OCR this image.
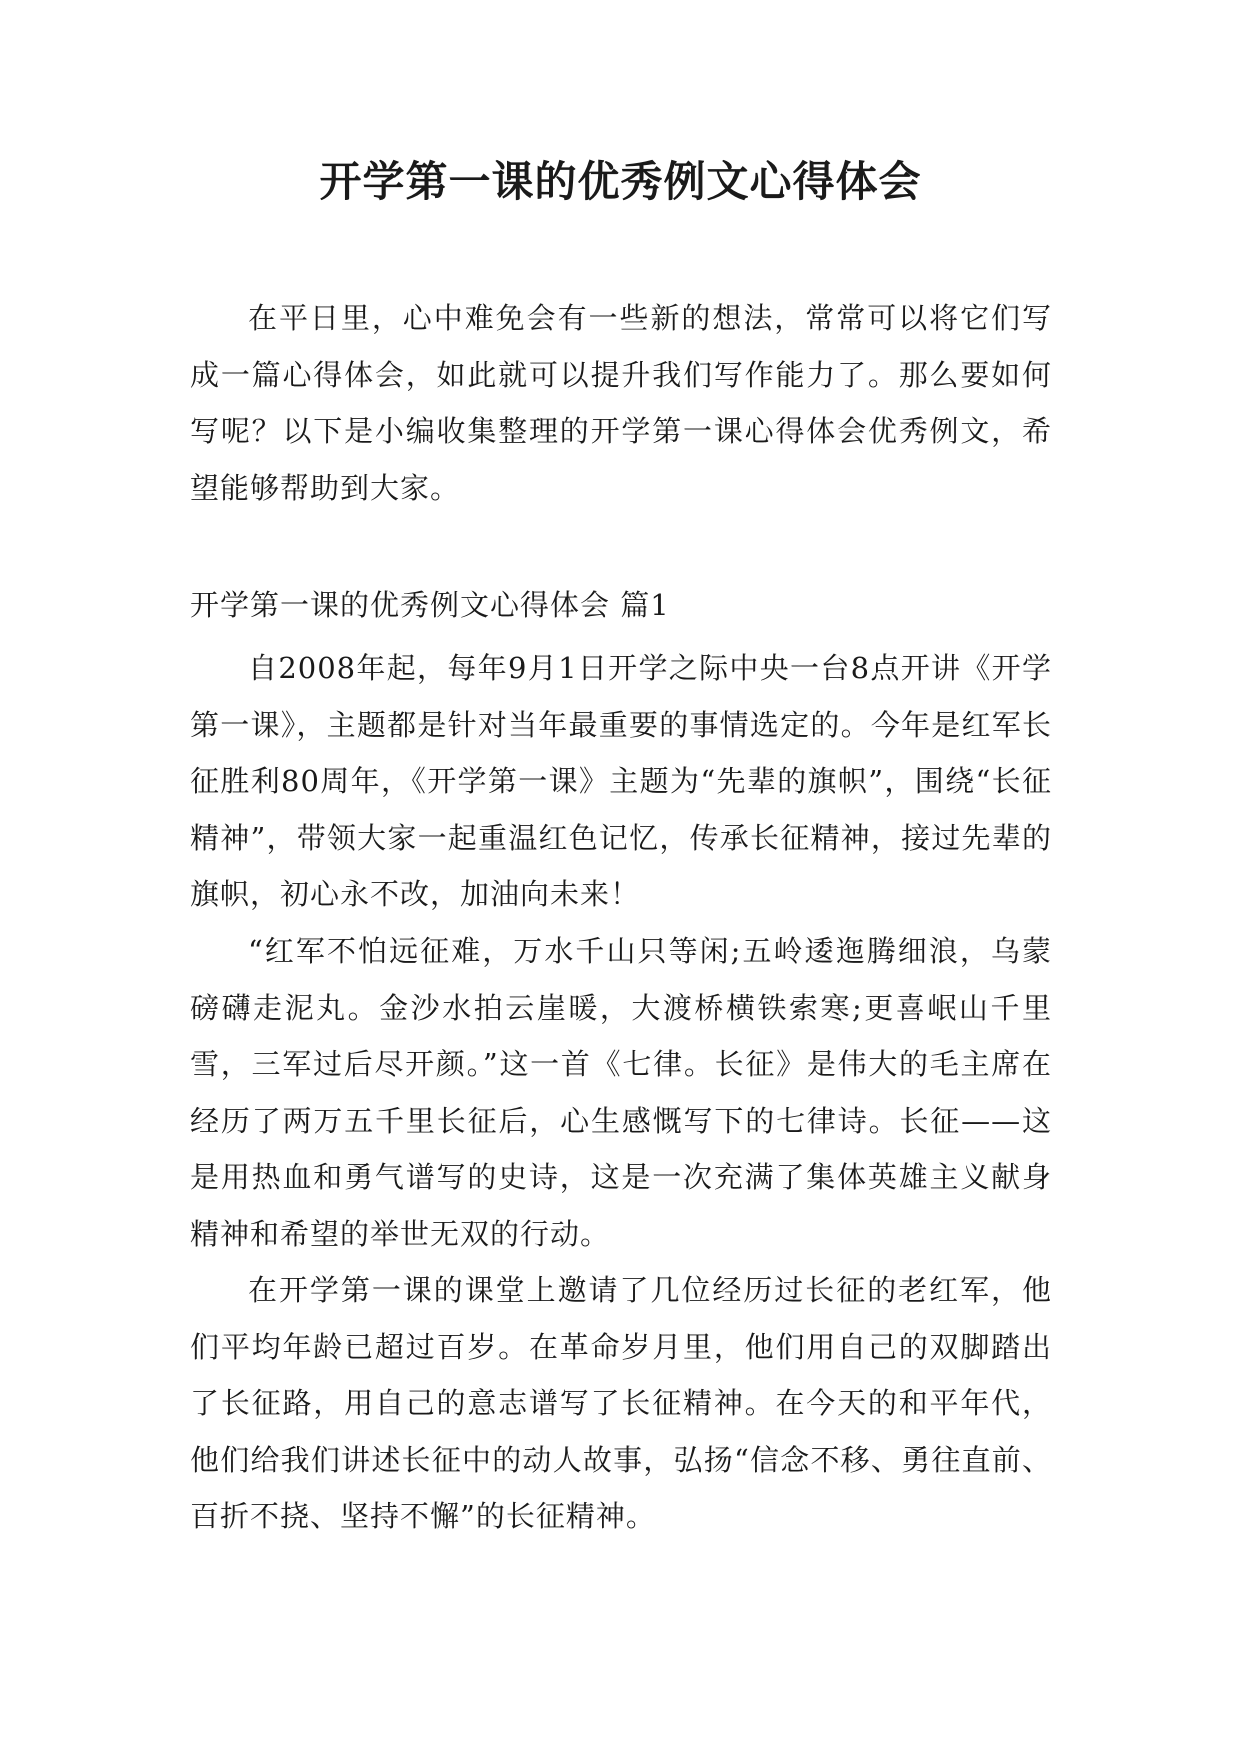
开学第一课的优秀例文心得体会

在平日里，心中难免会有一些新的想法，常常可以将它们写成一篇心得体会，如此就可以提升我们写作能力了。那么要如何写呢？以下是小编收集整理的开学第一课心得体会优秀例文，希望能够帮助到大家。

开学第一课的优秀例文心得体会 篇1

自2008年起，每年9月1日开学之际中央一台8点开讲《开学第一课》，主题都是针对当年最重要的事情选定的。今年是红军长征胜利80周年，《开学第一课》主题为“先辈的旗帜”，围绕“长征精神”，带领大家一起重温红色记忆，传承长征精神，接过先辈的旗帜，初心永不改，加油向未来！

“红军不怕远征难，万水千山只等闲;五岭逶迤腾细浪，乌蒙磅礴走泥丸。金沙水拍云崖暖，大渡桥横铁索寒;更喜岷山千里雪，三军过后尽开颜。”这一首《七律。长征》是伟大的毛主席在经历了两万五千里长征后，心生感慨写下的七律诗。长征——这是用热血和勇气谱写的史诗，这是一次充满了集体英雄主义献身精神和希望的举世无双的行动。

在开学第一课的课堂上邀请了几位经历过长征的老红军，他们平均年龄已超过百岁。在革命岁月里，他们用自己的双脚踏出了长征路，用自己的意志谱写了长征精神。在今天的和平年代，他们给我们讲述长征中的动人故事，弘扬“信念不移、勇往直前、百折不挠、坚持不懈”的长征精神。
